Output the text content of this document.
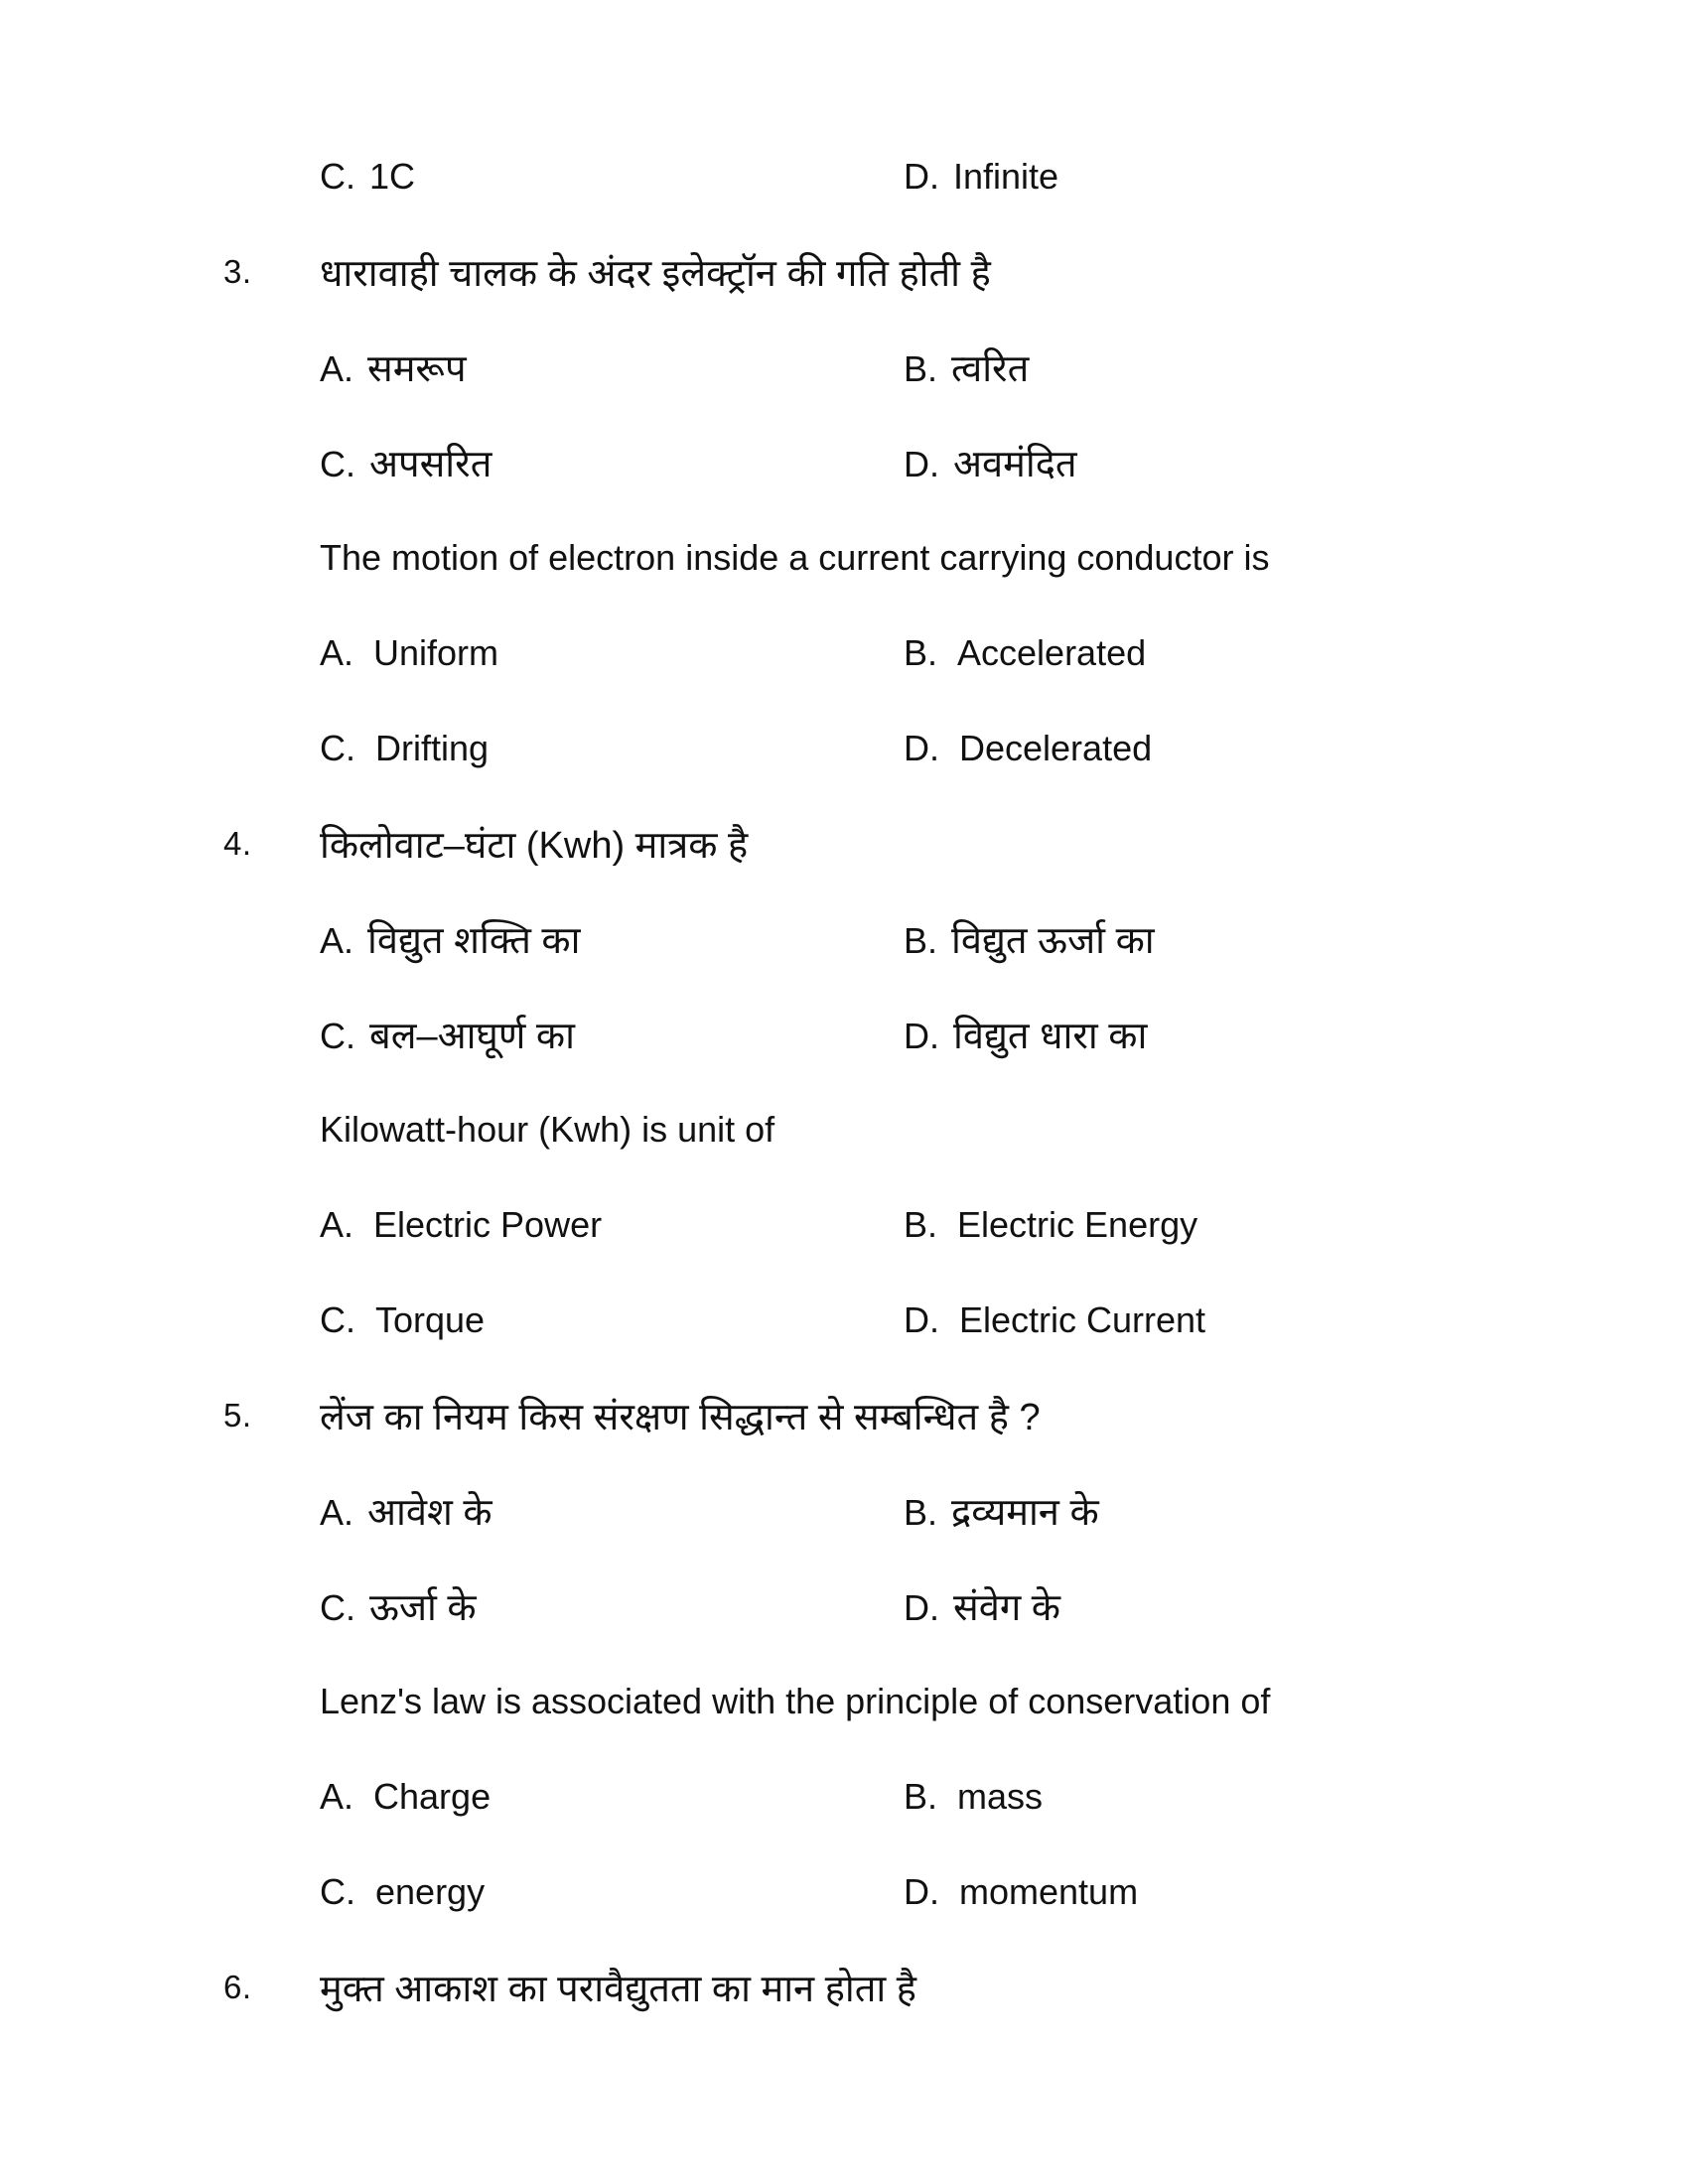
C. 1C	D. Infinite
3.	धारावाही चालक के अंदर इलेक्ट्रॉन की गति होती है
A. समरूप	B. त्वरित
C. अपसरित	D. अवमंदित
The motion of electron inside a current carrying conductor is
A. Uniform	B. Accelerated
C. Drifting	D. Decelerated
4.	किलोवाट–घंटा (Kwh) मात्रक है
A. विद्युत शक्ति का	B. विद्युत ऊर्जा का
C. बल–आघूर्ण का	D. विद्युत धारा का
Kilowatt-hour (Kwh) is unit of
A. Electric Power	B. Electric Energy
C. Torque	D. Electric Current
5.	लेंज का नियम किस संरक्षण सिद्धान्त से सम्बन्धित है ?
A. आवेश के	B. द्रव्यमान के
C. ऊर्जा के	D. संवेग के
Lenz's law is associated with the principle of conservation of
A. Charge	B. mass
C. energy	D. momentum
6.	मुक्त आकाश का परावैद्युतता का मान होता है
